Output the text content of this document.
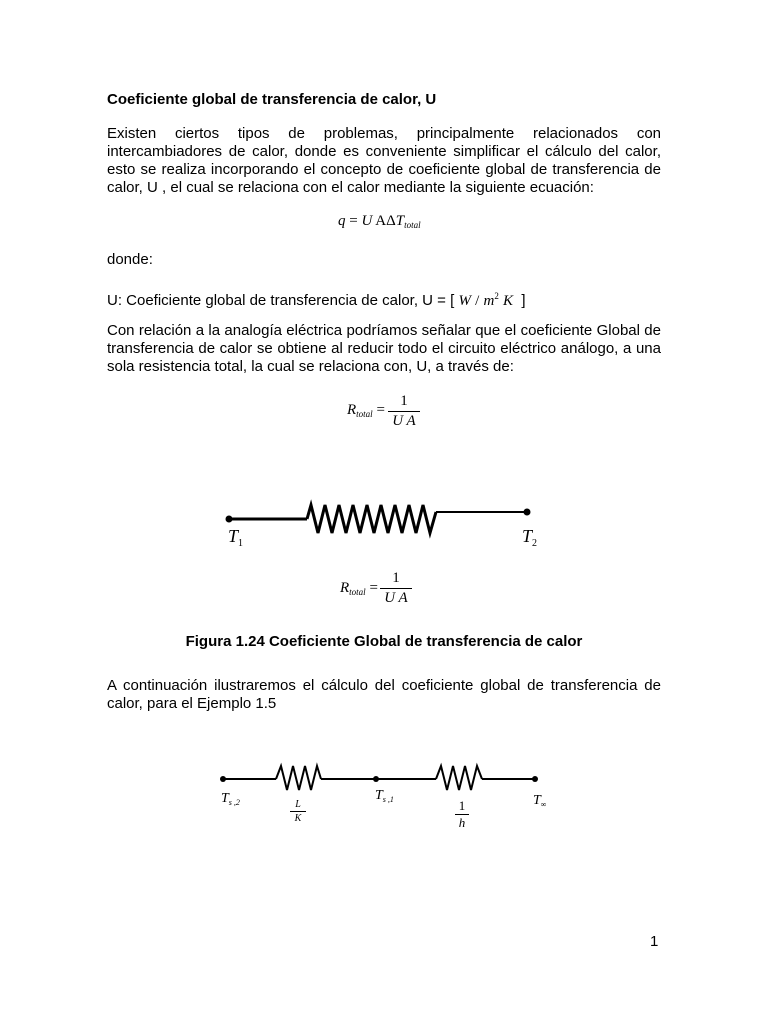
Coeficiente global de transferencia de calor, U
Existen ciertos tipos de problemas, principalmente relacionados con intercambiadores de calor, donde es conveniente simplificar el cálculo del calor, esto se realiza incorporando el concepto de coeficiente global de transferencia de calor, U , el cual se relaciona con el calor mediante la siguiente ecuación:
q = U $A\Delta T_{total}$
donde:
U: Coeficiente global de transferencia de calor, U = [ W / $m^2$ K ]
Con relación a la analogía eléctrica podríamos señalar que el coeficiente Global de transferencia de calor se obtiene al reducir todo el circuito eléctrico análogo, a una sola resistencia total, la cual se relaciona con, U, a través de:
$R_{total}$ =
1
U A
$T_1$	$T_2$
$R_{total}$ =
1
U A
Figura 1.24 Coeficiente Global de transferencia de calor
A continuación ilustraremos el cálculo del coeficiente global de transferencia de calor, para el Ejemplo 1.5
$T_{s ,2}$	$T_{s ,1}$	$T_\infty$
L
K
1
h
1
